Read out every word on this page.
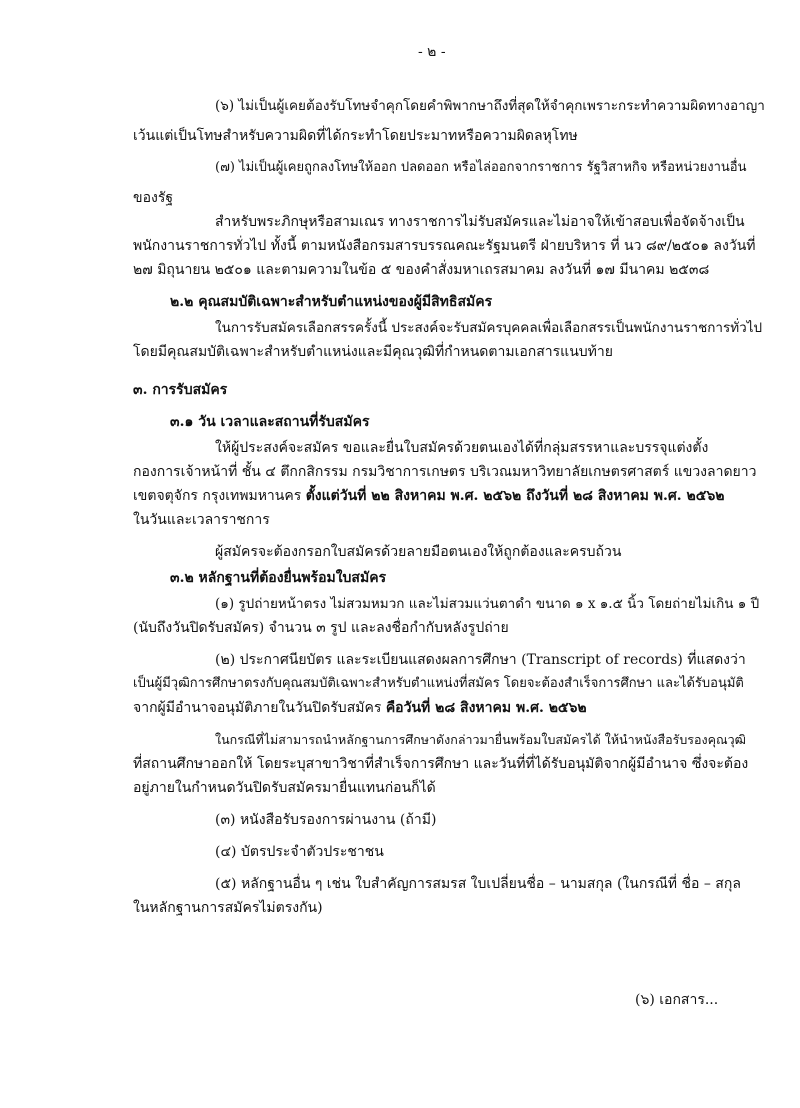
- ๒ -

(๖) ไม่เป็นผู้เคยต้องรับโทษจำคุกโดยคำพิพากษาถึงที่สุดให้จำคุกเพราะกระทำความผิดทางอาญา

เว้นแต่เป็นโทษสำหรับความผิดที่ได้กระทำโดยประมาทหรือความผิดลหุโทษ

(๗) ไม่เป็นผู้เคยถูกลงโทษให้ออก ปลดออก หรือไล่ออกจากราชการ รัฐวิสาหกิจ หรือหน่วยงานอื่น

ของรัฐ

สำหรับพระภิกษุหรือสามเณร ทางราชการไม่รับสมัครและไม่อาจให้เข้าสอบเพื่อจัดจ้างเป็น

พนักงานราชการทั่วไป ทั้งนี้ ตามหนังสือกรมสารบรรณคณะรัฐมนตรี ฝ่ายบริหาร ที่ นว ๘๙/๒๕๐๑ ลงวันที่

๒๗ มิถุนายน ๒๕๐๑ และตามความในข้อ ๕ ของคำสั่งมหาเถรสมาคม ลงวันที่ ๑๗ มีนาคม ๒๕๓๘

๒.๒ คุณสมบัติเฉพาะสำหรับตำแหน่งของผู้มีสิทธิสมัคร

ในการรับสมัครเลือกสรรครั้งนี้ ประสงค์จะรับสมัครบุคคลเพื่อเลือกสรรเป็นพนักงานราชการทั่วไป

โดยมีคุณสมบัติเฉพาะสำหรับตำแหน่งและมีคุณวุฒิที่กำหนดตามเอกสารแนบท้าย

๓. การรับสมัคร

๓.๑ วัน เวลาและสถานที่รับสมัคร

ให้ผู้ประสงค์จะสมัคร ขอและยื่นใบสมัครด้วยตนเองได้ที่กลุ่มสรรหาและบรรจุแต่งตั้ง

กองการเจ้าหน้าที่ ชั้น ๔ ตึกกสิกรรม กรมวิชาการเกษตร บริเวณมหาวิทยาลัยเกษตรศาสตร์ แขวงลาดยาว

เขตจตุจักร กรุงเทพมหานคร ตั้งแต่วันที่ ๒๒ สิงหาคม พ.ศ. ๒๕๖๒ ถึงวันที่ ๒๘ สิงหาคม พ.ศ. ๒๕๖๒

ในวันและเวลาราชการ

ผู้สมัครจะต้องกรอกใบสมัครด้วยลายมือตนเองให้ถูกต้องและครบถ้วน

๓.๒ หลักฐานที่ต้องยื่นพร้อมใบสมัคร

(๑) รูปถ่ายหน้าตรง ไม่สวมหมวก และไม่สวมแว่นตาดำ ขนาด ๑ x ๑.๕ นิ้ว โดยถ่ายไม่เกิน ๑ ปี

(นับถึงวันปิดรับสมัคร) จำนวน ๓ รูป และลงชื่อกำกับหลังรูปถ่าย

(๒) ประกาศนียบัตร และระเบียนแสดงผลการศึกษา (Transcript of records) ที่แสดงว่า

เป็นผู้มีวุฒิการศึกษาตรงกับคุณสมบัติเฉพาะสำหรับตำแหน่งที่สมัคร โดยจะต้องสำเร็จการศึกษา และได้รับอนุมัติ

จากผู้มีอำนาจอนุมัติภายในวันปิดรับสมัคร คือวันที่ ๒๘ สิงหาคม พ.ศ. ๒๕๖๒

ในกรณีที่ไม่สามารถนำหลักฐานการศึกษาดังกล่าวมายื่นพร้อมใบสมัครได้ ให้นำหนังสือรับรองคุณวุฒิ

ที่สถานศึกษาออกให้ โดยระบุสาขาวิชาที่สำเร็จการศึกษา และวันที่ที่ได้รับอนุมัติจากผู้มีอำนาจ ซึ่งจะต้อง

อยู่ภายในกำหนดวันปิดรับสมัครมายื่นแทนก่อนก็ได้

(๓) หนังสือรับรองการผ่านงาน (ถ้ามี)

(๔) บัตรประจำตัวประชาชน

(๕) หลักฐานอื่น ๆ เช่น ใบสำคัญการสมรส ใบเปลี่ยนชื่อ – นามสกุล (ในกรณีที่ ชื่อ – สกุล

ในหลักฐานการสมัครไม่ตรงกัน)

(๖) เอกสาร...
